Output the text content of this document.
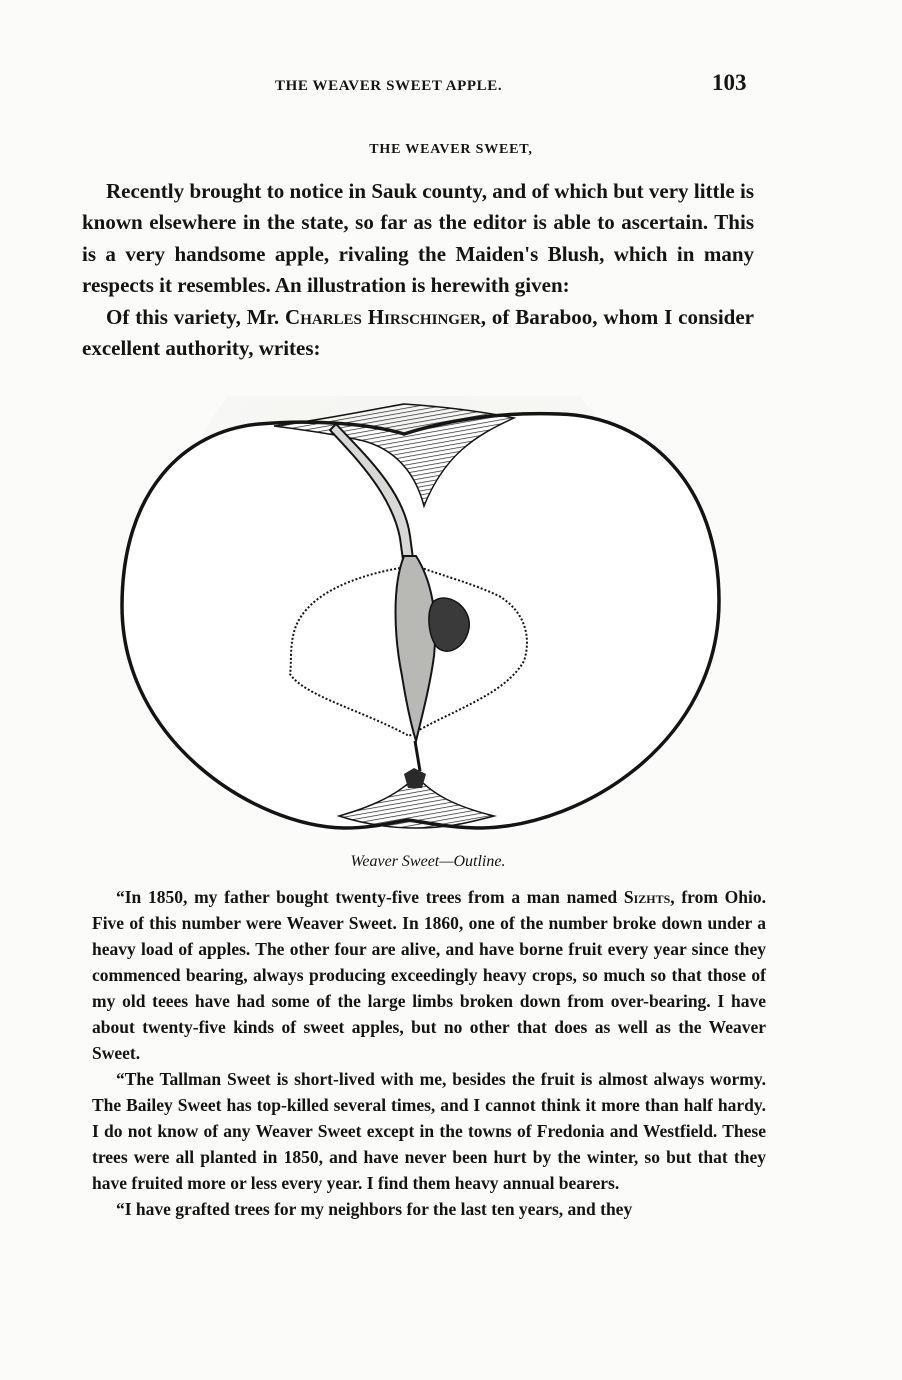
THE WEAVER SWEET APPLE.	103
THE WEAVER SWEET,

Recently brought to notice in Sauk county, and of which but very little is known elsewhere in the state, so far as the editor is able to ascertain. This is a very handsome apple, rivaling the Maiden's Blush, which in many respects it resembles. An illustration is herewith given:

Of this variety, Mr. Charles Hirschinger, of Baraboo, whom I consider excellent authority, writes:

Weaver Sweet—Outline.

“In 1850, my father bought twenty-five trees from a man named Sizhts, from Ohio. Five of this number were Weaver Sweet. In 1860, one of the number broke down under a heavy load of apples. The other four are alive, and have borne fruit every year since they commenced bearing, always producing exceedingly heavy crops, so much so that those of my old teees have had some of the large limbs broken down from over-bearing. I have about twenty-five kinds of sweet apples, but no other that does as well as the Weaver Sweet.

“The Tallman Sweet is short-lived with me, besides the fruit is almost always wormy. The Bailey Sweet has top-killed several times, and I cannot think it more than half hardy. I do not know of any Weaver Sweet except in the towns of Fredonia and Westfield. These trees were all planted in 1850, and have never been hurt by the winter, so but that they have fruited more or less every year. I find them heavy annual bearers.

“I have grafted trees for my neighbors for the last ten years, and they
